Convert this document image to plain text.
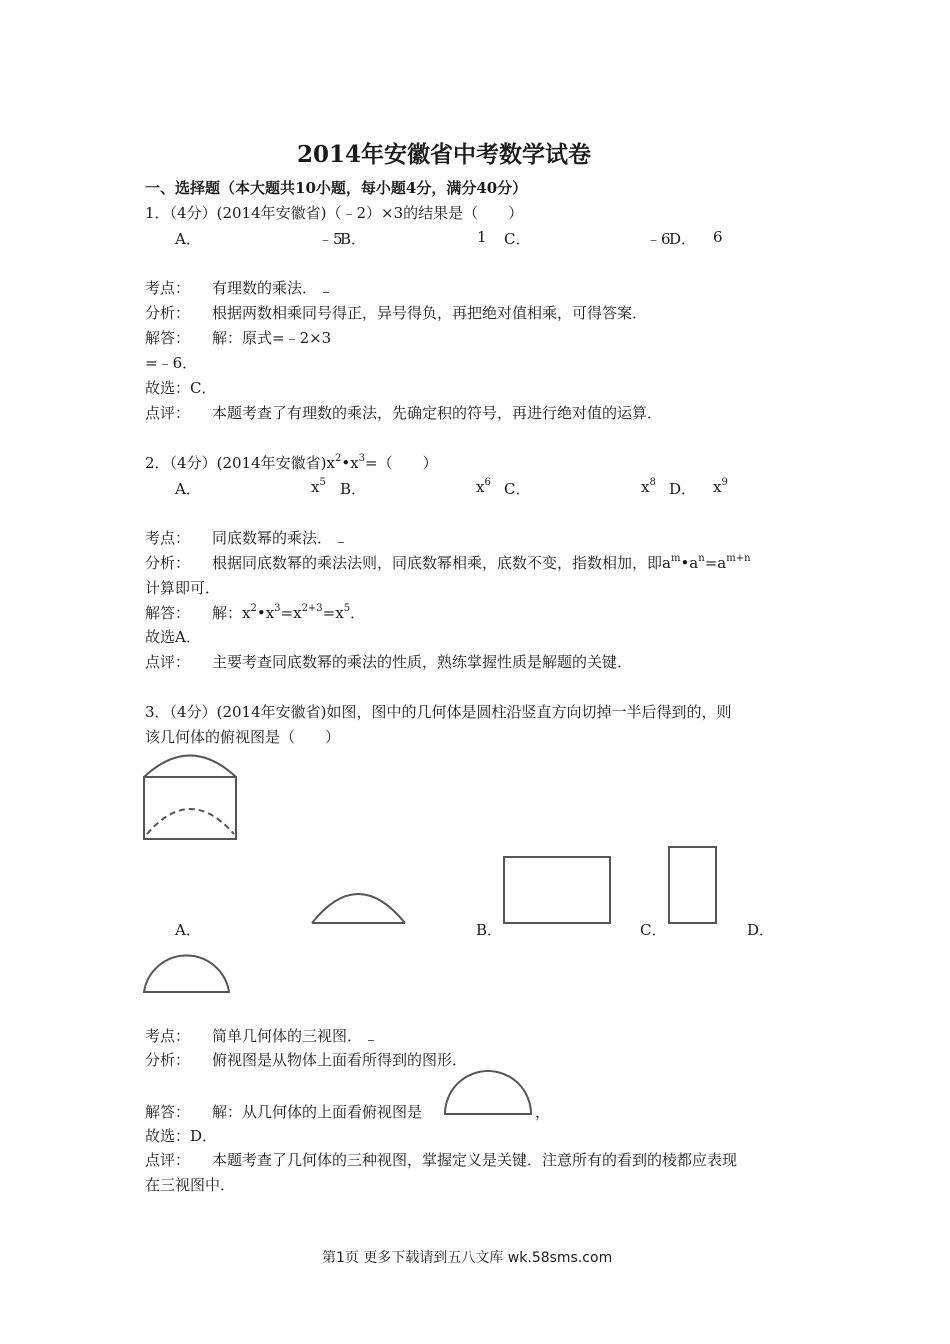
2014年安徽省中考数学试卷
一、选择题（本大题共10小题，每小题4分，满分40分）
1．（4分）(2014年安徽省)（﹣2）×3的结果是（　　）
A．	﹣5
B．	1 C．	﹣6
D． 6
考点： 有理数的乘法．
分析： 根据两数相乘同号得正，异号得负，再把绝对值相乘，可得答案．
解答： 解：原式=﹣2×3
=﹣6．
故选：C．
点评： 本题考查了有理数的乘法，先确定积的符号，再进行绝对值的运算．
2．（4分）(2014年安徽省)$x^2•x^3=$（　　）
A．	$x^5$ B．	$x^6$ C．	$x^8$ D． $x^9$
考点： 同底数幂的乘法．
分析： 根据同底数幂的乘法法则，同底数幂相乘，底数不变，指数相加，即$a^m•a^n=a^{m+n}$
计算即可．
解答： 解：$x^2•x^3=x^{2+3}=x^5$．
故选A．
点评： 主要考查同底数幂的乘法的性质，熟练掌握性质是解题的关键．
3．（4分）(2014年安徽省)如图，图中的几何体是圆柱沿竖直方向切掉一半后得到的，则
该几何体的俯视图是（　　）
A．	B．	C．	D．
考点： 简单几何体的三视图．
分析： 俯视图是从物体上面看所得到的图形．
解答： 解：从几何体的上面看俯视图是	，
故选：D．
点评： 本题考查了几何体的三种视图，掌握定义是关键．注意所有的看到的棱都应表现
在三视图中．
第1页 更多下载请到五八文库 wk.58sms.com
